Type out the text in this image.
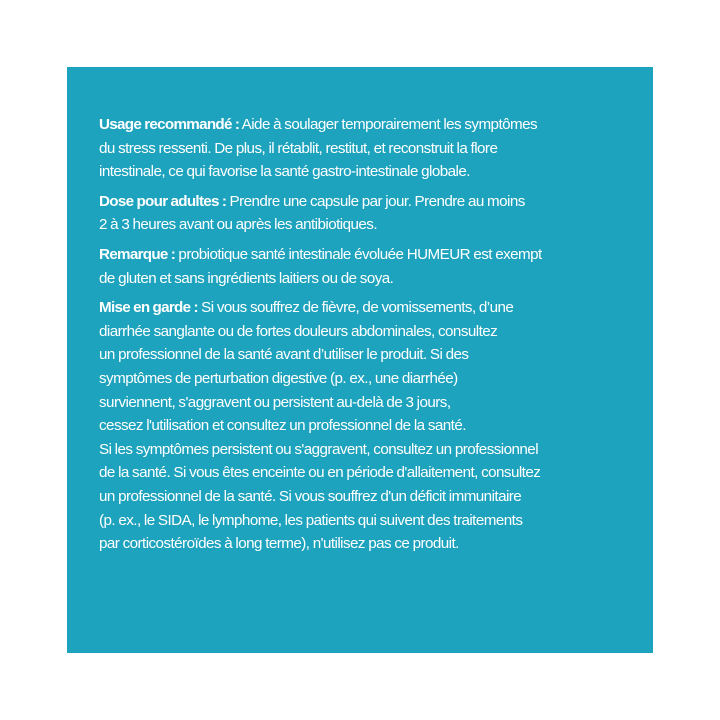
Usage recommandé : Aide à soulager temporairement les symptômes
du stress ressenti. De plus, il rétablit, restitut, et reconstruit la flore
intestinale, ce qui favorise la santé gastro-intestinale globale.

Dose pour adultes : Prendre une capsule par jour. Prendre au moins
2 à 3 heures avant ou après les antibiotiques.

Remarque : probiotique santé intestinale évoluée HUMEUR est exempt
de gluten et sans ingrédients laitiers ou de soya.

Mise en garde : Si vous souffrez de fièvre, de vomissements, d’une
diarrhée sanglante ou de fortes douleurs abdominales, consultez
un professionnel de la santé avant d’utiliser le produit. Si des
symptômes de perturbation digestive (p. ex., une diarrhée)
surviennent, s'aggravent ou persistent au-delà de 3 jours,
cessez l'utilisation et consultez un professionnel de la santé.
Si les symptômes persistent ou s'aggravent, consultez un professionnel
de la santé. Si vous êtes enceinte ou en période d'allaitement, consultez
un professionnel de la santé. Si vous souffrez d'un déficit immunitaire
(p. ex., le SIDA, le lymphome, les patients qui suivent des traitements
par corticostéroïdes à long terme), n'utilisez pas ce produit.
